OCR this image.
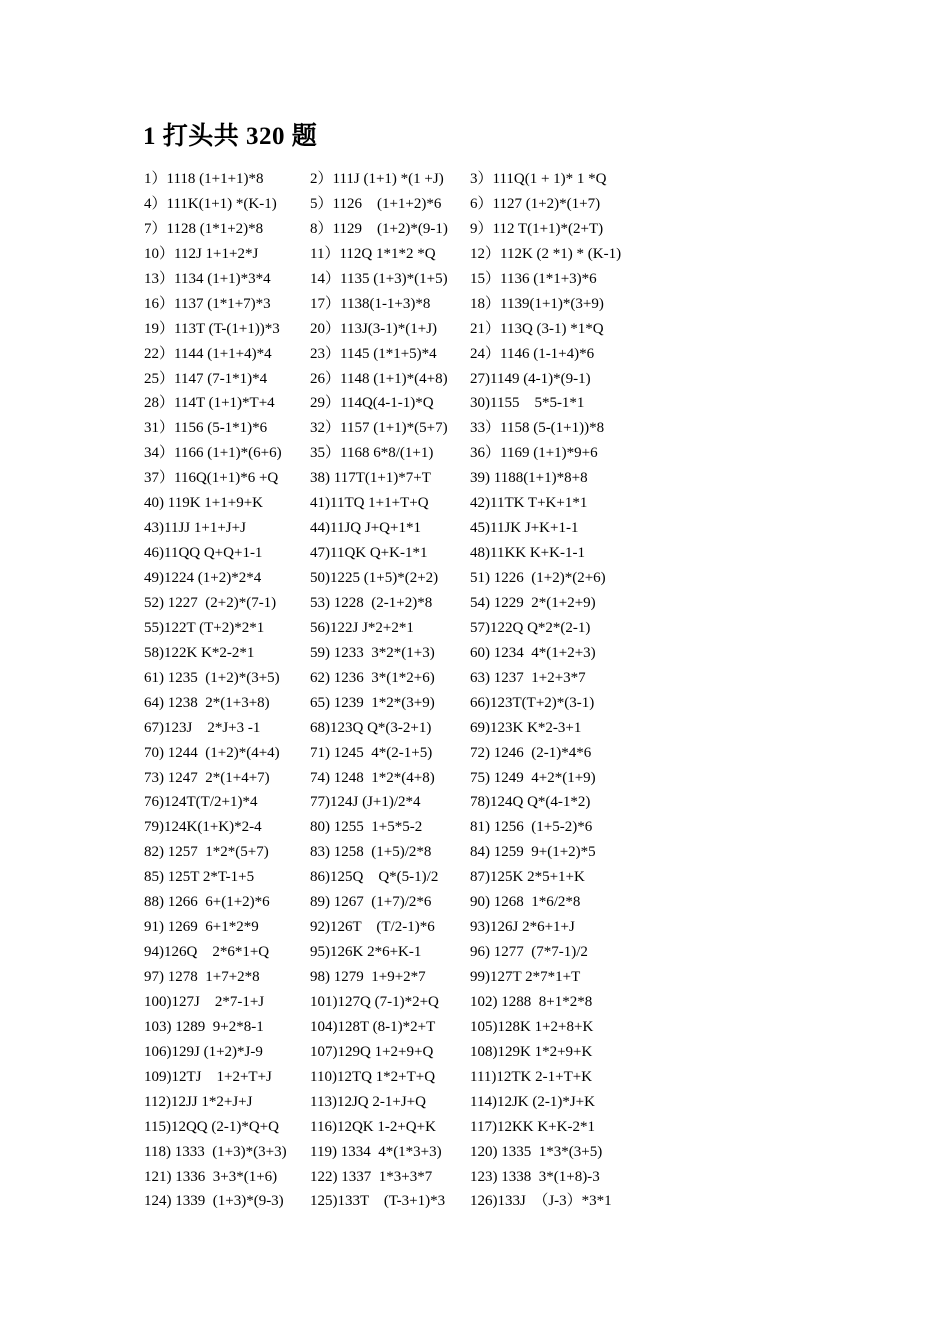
1 打头共 320 题
1）1118 (1+1+1)*8	2）111J (1+1) *(1 +J) 3）111Q(1 + 1)* 1 *Q
4）111K(1+1) *(K-1) 5）1126    (1+1+2)*6 6）1127 (1+2)*(1+7)
7）1128 (1*1+2)*8	8）1129    (1+2)*(9-1) 9）112 T(1+1)*(2+T)
10）112J 1+1+2*J	11）112Q 1*1*2 *Q 12）112K (2 *1) * (K-1)
13）1134 (1+1)*3*4	14）1135 (1+3)*(1+5) 15）1136 (1*1+3)*6
16）1137 (1*1+7)*3	17）1138(1-1+3)*8	18）1139(1+1)*(3+9)
19）113T (T-(1+1))*3 20）113J(3-1)*(1+J) 21）113Q (3-1) *1*Q
22）1144 (1+1+4)*4	23）1145 (1*1+5)*4 24）1146 (1-1+4)*6
25）1147 (7-1*1)*4	26）1148 (1+1)*(4+8) 27)1149 (4-1)*(9-1)
28）114T (1+1)*T+4 29）114Q(4-1-1)*Q 30)1155    5*5-1*1
31）1156 (5-1*1)*6	32）1157 (1+1)*(5+7) 33）1158 (5-(1+1))*8
34）1166 (1+1)*(6+6) 35）1168 6*8/(1+1) 36）1169 (1+1)*9+6
37）116Q(1+1)*6 +Q 38) 117T(1+1)*7+T	39) 1188(1+1)*8+8
40) 119K 1+1+9+K	41)11TQ 1+1+T+Q	42)11TK T+K+1*1
43)11JJ 1+1+J+J	44)11JQ J+Q+1*1	45)11JK J+K+1-1
46)11QQ Q+Q+1-1	47)11QK Q+K-1*1	48)11KK K+K-1-1
49)1224 (1+2)*2*4	50)1225 (1+5)*(2+2) 51) 1226  (1+2)*(2+6)
52) 1227  (2+2)*(7-1) 53) 1228  (2-1+2)*8	54) 1229  2*(1+2+9)
55)122T (T+2)*2*1	56)122J J*2+2*1	57)122Q Q*2*(2-1)
58)122K K*2-2*1	59) 1233  3*2*(1+3) 60) 1234  4*(1+2+3)
61) 1235  (1+2)*(3+5) 62) 1236  3*(1*2+6) 63) 1237  1+2+3*7
64) 1238  2*(1+3+8)	65) 1239  1*2*(3+9) 66)123T(T+2)*(3-1)
67)123J    2*J+3 -1	68)123Q Q*(3-2+1)	69)123K K*2-3+1
70) 1244  (1+2)*(4+4) 71) 1245  4*(2-1+5)	72) 1246  (2-1)*4*6
73) 1247  2*(1+4+7)	74) 1248  1*2*(4+8) 75) 1249  4+2*(1+9)
76)124T(T/2+1)*4	77)124J (J+1)/2*4	78)124Q Q*(4-1*2)
79)124K(1+K)*2-4	80) 1255  1+5*5-2	81) 1256  (1+5-2)*6
82) 1257  1*2*(5+7)	83) 1258  (1+5)/2*8	84) 1259  9+(1+2)*5
85) 125T 2*T-1+5	86)125Q    Q*(5-1)/2 87)125K 2*5+1+K
88) 1266  6+(1+2)*6	89) 1267  (1+7)/2*6	90) 1268  1*6/2*8
91) 1269  6+1*2*9	92)126T    (T/2-1)*6 93)126J 2*6+1+J
94)126Q    2*6*1+Q	95)126K 2*6+K-1	96) 1277  (7*7-1)/2
97) 1278  1+7+2*8	98) 1279  1+9+2*7	99)127T 2*7*1+T
100)127J    2*7-1+J	101)127Q (7-1)*2+Q 102) 1288  8+1*2*8
103) 1289  9+2*8-1	104)128T (8-1)*2+T 105)128K 1+2+8+K
106)129J (1+2)*J-9	107)129Q 1+2+9+Q 108)129K 1*2+9+K
109)12TJ    1+2+T+J	110)12TQ 1*2+T+Q 111)12TK 2-1+T+K
112)12JJ 1*2+J+J	113)12JQ 2-1+J+Q	114)12JK (2-1)*J+K
115)12QQ (2-1)*Q+Q 116)12QK 1-2+Q+K 117)12KK K+K-2*1
118) 1333  (1+3)*(3+3) 119) 1334  4*(1*3+3) 120) 1335  1*3*(3+5)
121) 1336  3+3*(1+6) 122) 1337  1*3+3*7	123) 1338  3*(1+8)-3
124) 1339  (1+3)*(9-3) 125)133T    (T-3+1)*3 126)133J  （J-3）*3*1
